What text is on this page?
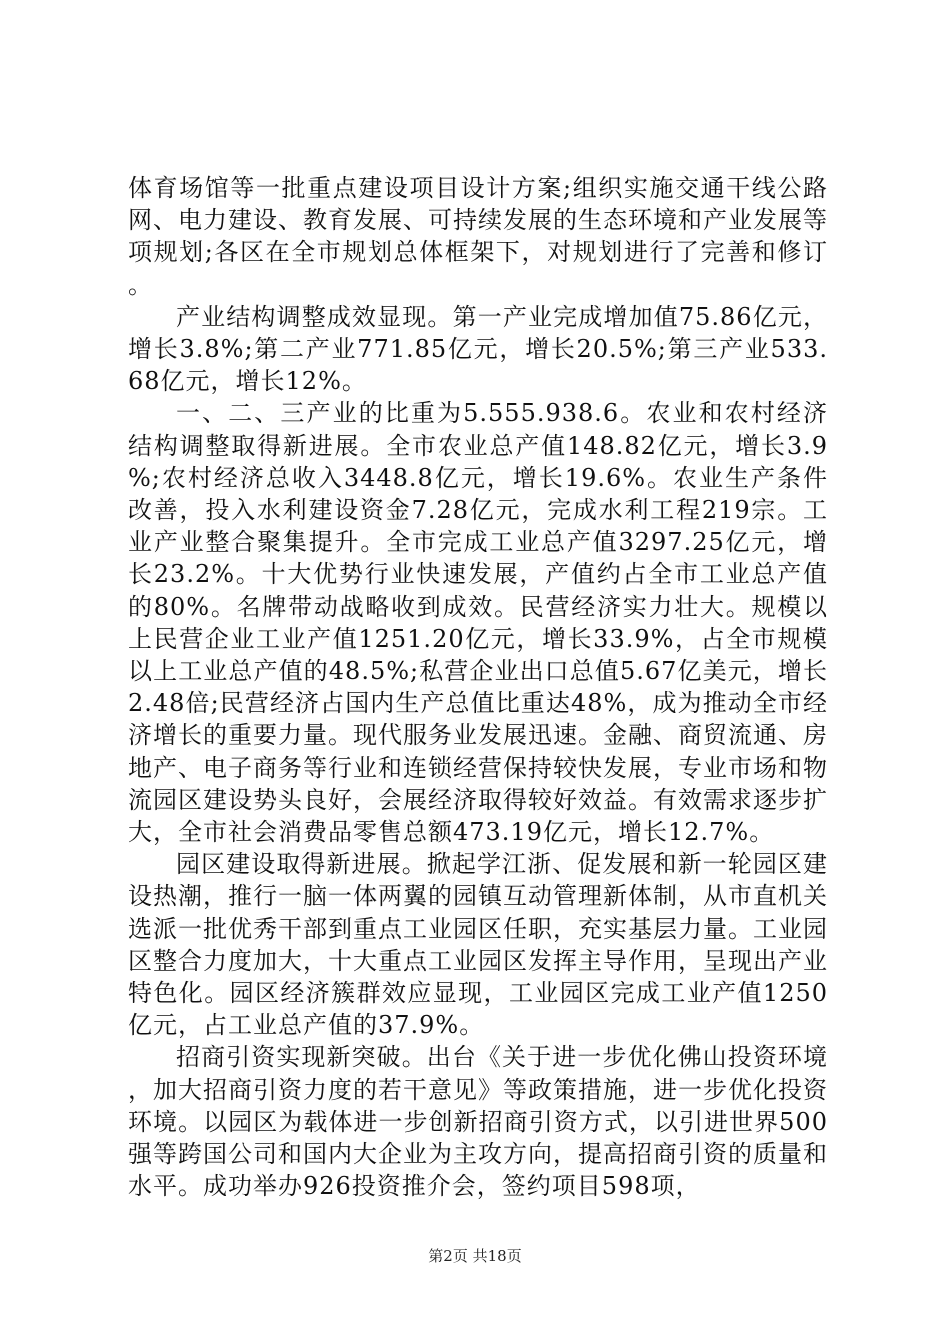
体育场馆等一批重点建设项目设计方案;组织实施交通干线公路网、电力建设、教育发展、可持续发展的生态环境和产业发展等项规划;各区在全市规划总体框架下，对规划进行了完善和修订。

产业结构调整成效显现。第一产业完成增加值75.86亿元，增长3.8%;第二产业771.85亿元，增长20.5%;第三产业533.68亿元，增长12%。

一、二、三产业的比重为5.555.938.6。农业和农村经济结构调整取得新进展。全市农业总产值148.82亿元，增长3.9%;农村经济总收入3448.8亿元，增长19.6%。农业生产条件改善，投入水利建设资金7.28亿元，完成水利工程219宗。工业产业整合聚集提升。全市完成工业总产值3297.25亿元，增长23.2%。十大优势行业快速发展，产值约占全市工业总产值的80%。名牌带动战略收到成效。民营经济实力壮大。规模以上民营企业工业产值1251.20亿元，增长33.9%，占全市规模以上工业总产值的48.5%;私营企业出口总值5.67亿美元，增长2.48倍;民营经济占国内生产总值比重达48%，成为推动全市经济增长的重要力量。现代服务业发展迅速。金融、商贸流通、房地产、电子商务等行业和连锁经营保持较快发展，专业市场和物流园区建设势头良好，会展经济取得较好效益。有效需求逐步扩大，全市社会消费品零售总额473.19亿元，增长12.7%。

园区建设取得新进展。掀起学江浙、促发展和新一轮园区建设热潮，推行一脑一体两翼的园镇互动管理新体制，从市直机关选派一批优秀干部到重点工业园区任职，充实基层力量。工业园区整合力度加大，十大重点工业园区发挥主导作用，呈现出产业特色化。园区经济簇群效应显现，工业园区完成工业产值1250亿元，占工业总产值的37.9%。

招商引资实现新突破。出台《关于进一步优化佛山投资环境，加大招商引资力度的若干意见》等政策措施，进一步优化投资环境。以园区为载体进一步创新招商引资方式，以引进世界500强等跨国公司和国内大企业为主攻方向，提高招商引资的质量和水平。成功举办926投资推介会，签约项目598项，

第2页 共18页
